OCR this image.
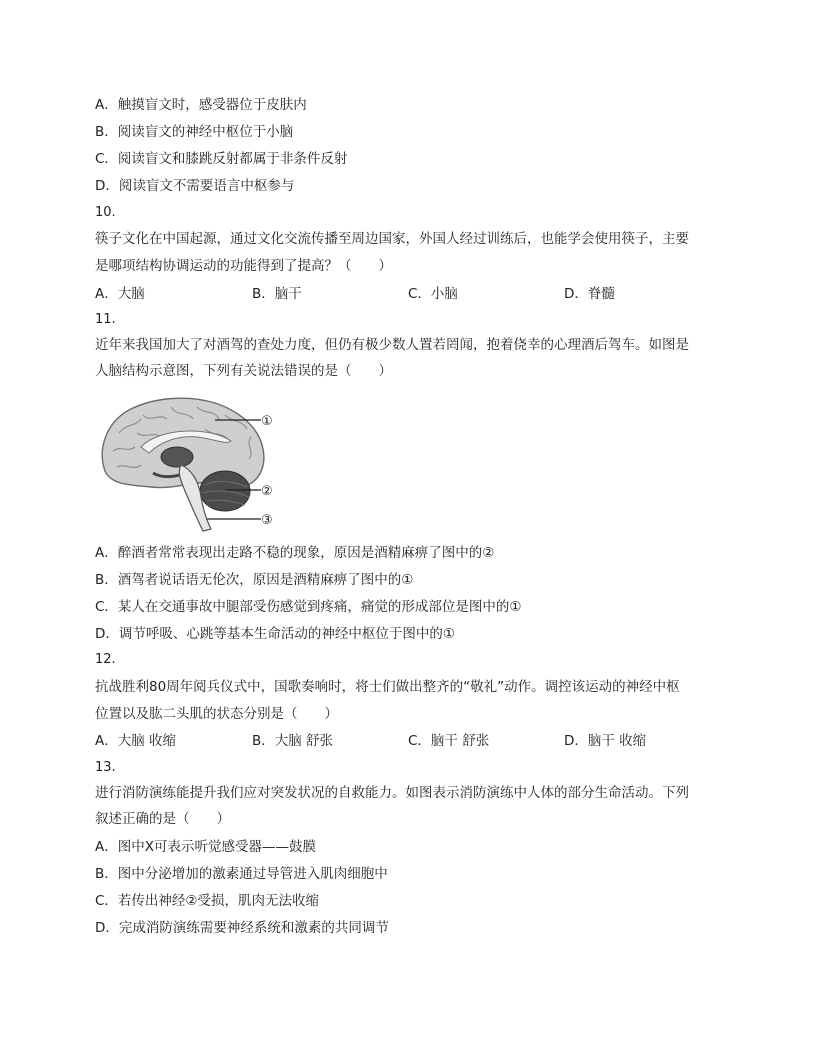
A．触摸盲文时，感受器位于皮肤内
B．阅读盲文的神经中枢位于小脑
C．阅读盲文和膝跳反射都属于非条件反射
D．阅读盲文不需要语言中枢参与
10.
筷子文化在中国起源，通过文化交流传播至周边国家，外国人经过训练后，也能学会使用筷子，主要
是哪项结构协调运动的功能得到了提高？（　　）
A．大脑	B．脑干	C．小脑	D．脊髓
11.
近年来我国加大了对酒驾的查处力度，但仍有极少数人置若罔闻，抱着侥幸的心理酒后驾车。如图是
人脑结构示意图，下列有关说法错误的是（　　）
①
②
③
A．醉酒者常常表现出走路不稳的现象，原因是酒精麻痹了图中的②
B．酒驾者说话语无伦次，原因是酒精麻痹了图中的①
C．某人在交通事故中腿部受伤感觉到疼痛，痛觉的形成部位是图中的①
D．调节呼吸、心跳等基本生命活动的神经中枢位于图中的①
12.
抗战胜利80周年阅兵仪式中，国歌奏响时，将士们做出整齐的“敬礼”动作。调控该运动的神经中枢
位置以及肱二头肌的状态分别是（　　）
A．大脑 收缩	B．大脑 舒张	C．脑干 舒张	D．脑干 收缩
13.
进行消防演练能提升我们应对突发状况的自救能力。如图表示消防演练中人体的部分生命活动。下列
叙述正确的是（　　）
A．图中X可表示听觉感受器——鼓膜
B．图中分泌增加的激素通过导管进入肌肉细胞中
C．若传出神经②受损，肌肉无法收缩
D．完成消防演练需要神经系统和激素的共同调节
